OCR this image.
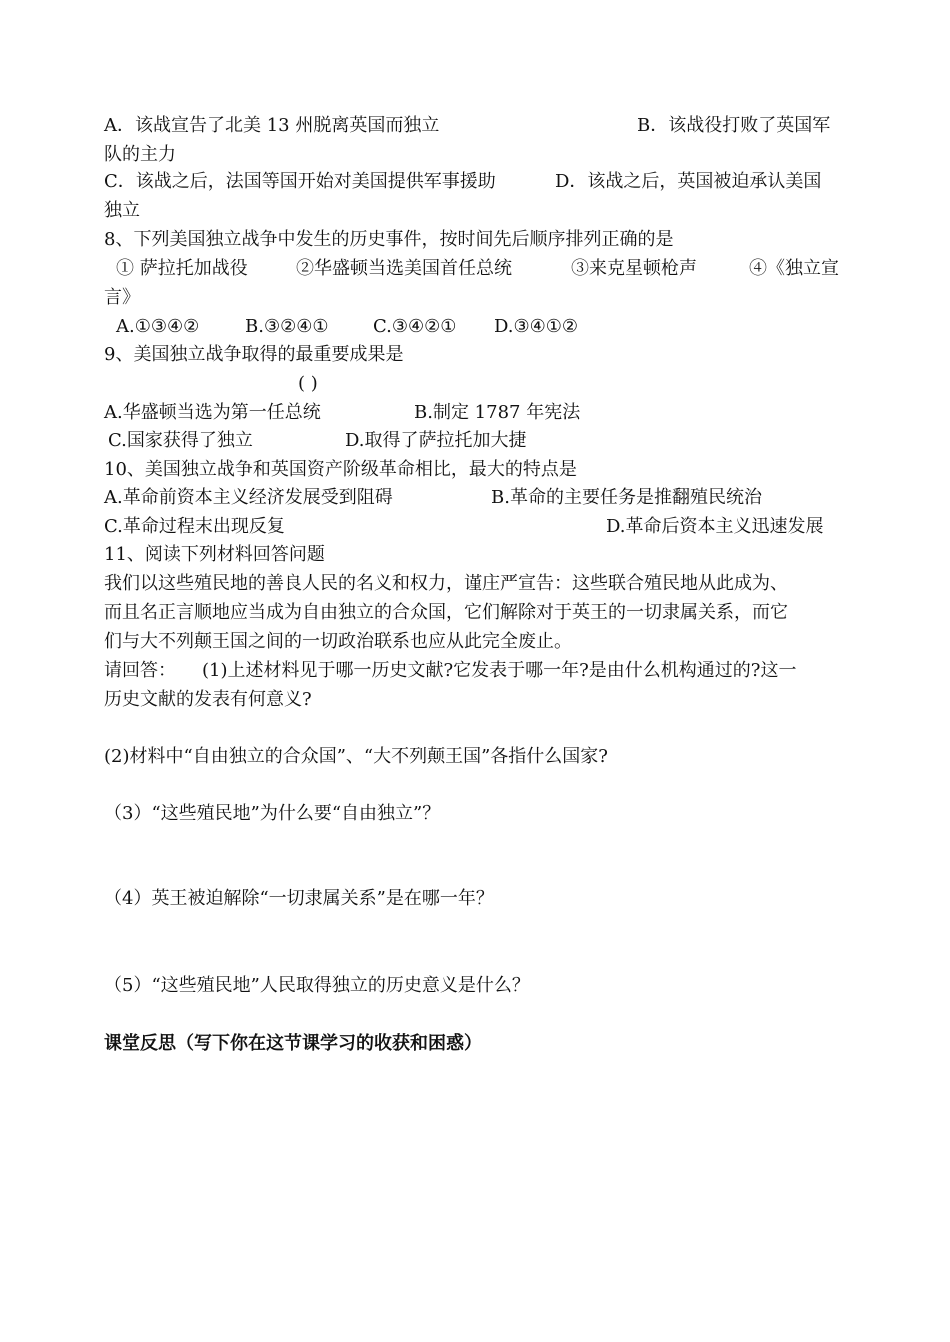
A．该战宣告了北美 13 州脱离英国而独立	B．该战役打败了英国军
队的主力
C．该战之后，法国等国开始对美国提供军事援助	D．该战之后，英国被迫承认美国
独立
8、下列美国独立战争中发生的历史事件，按时间先后顺序排列正确的是
① 萨拉托加战役	②华盛顿当选美国首任总统	③来克星顿枪声	④《独立宣
言》
A.①③④②	B.③②④① C.③④②① D.③④①②
9、美国独立战争取得的最重要成果是
( )
A.华盛顿当选为第一任总统	B.制定 1787 年宪法
C.国家获得了独立	D.取得了萨拉托加大捷
10、美国独立战争和英国资产阶级革命相比，最大的特点是
A.革命前资本主义经济发展受到阻碍	B.革命的主要任务是推翻殖民统治
C.革命过程末出现反复	D.革命后资本主义迅速发展
11、阅读下列材料回答问题
我们以这些殖民地的善良人民的名义和权力，谨庄严宣告：这些联合殖民地从此成为、
而且名正言顺地应当成为自由独立的合众国，它们解除对于英王的一切隶属关系，而它
们与大不列颠王国之间的一切政治联系也应从此完全废止。
请回答： (1)上述材料见于哪一历史文献?它发表于哪一年?是由什么机构通过的?这一
历史文献的发表有何意义?
(2)材料中“自由独立的合众国”、“大不列颠王国”各指什么国家?
（3）“这些殖民地”为什么要“自由独立”？
（4）英王被迫解除“一切隶属关系”是在哪一年？
（5）“这些殖民地”人民取得独立的历史意义是什么？
课堂反思（写下你在这节课学习的收获和困惑）
